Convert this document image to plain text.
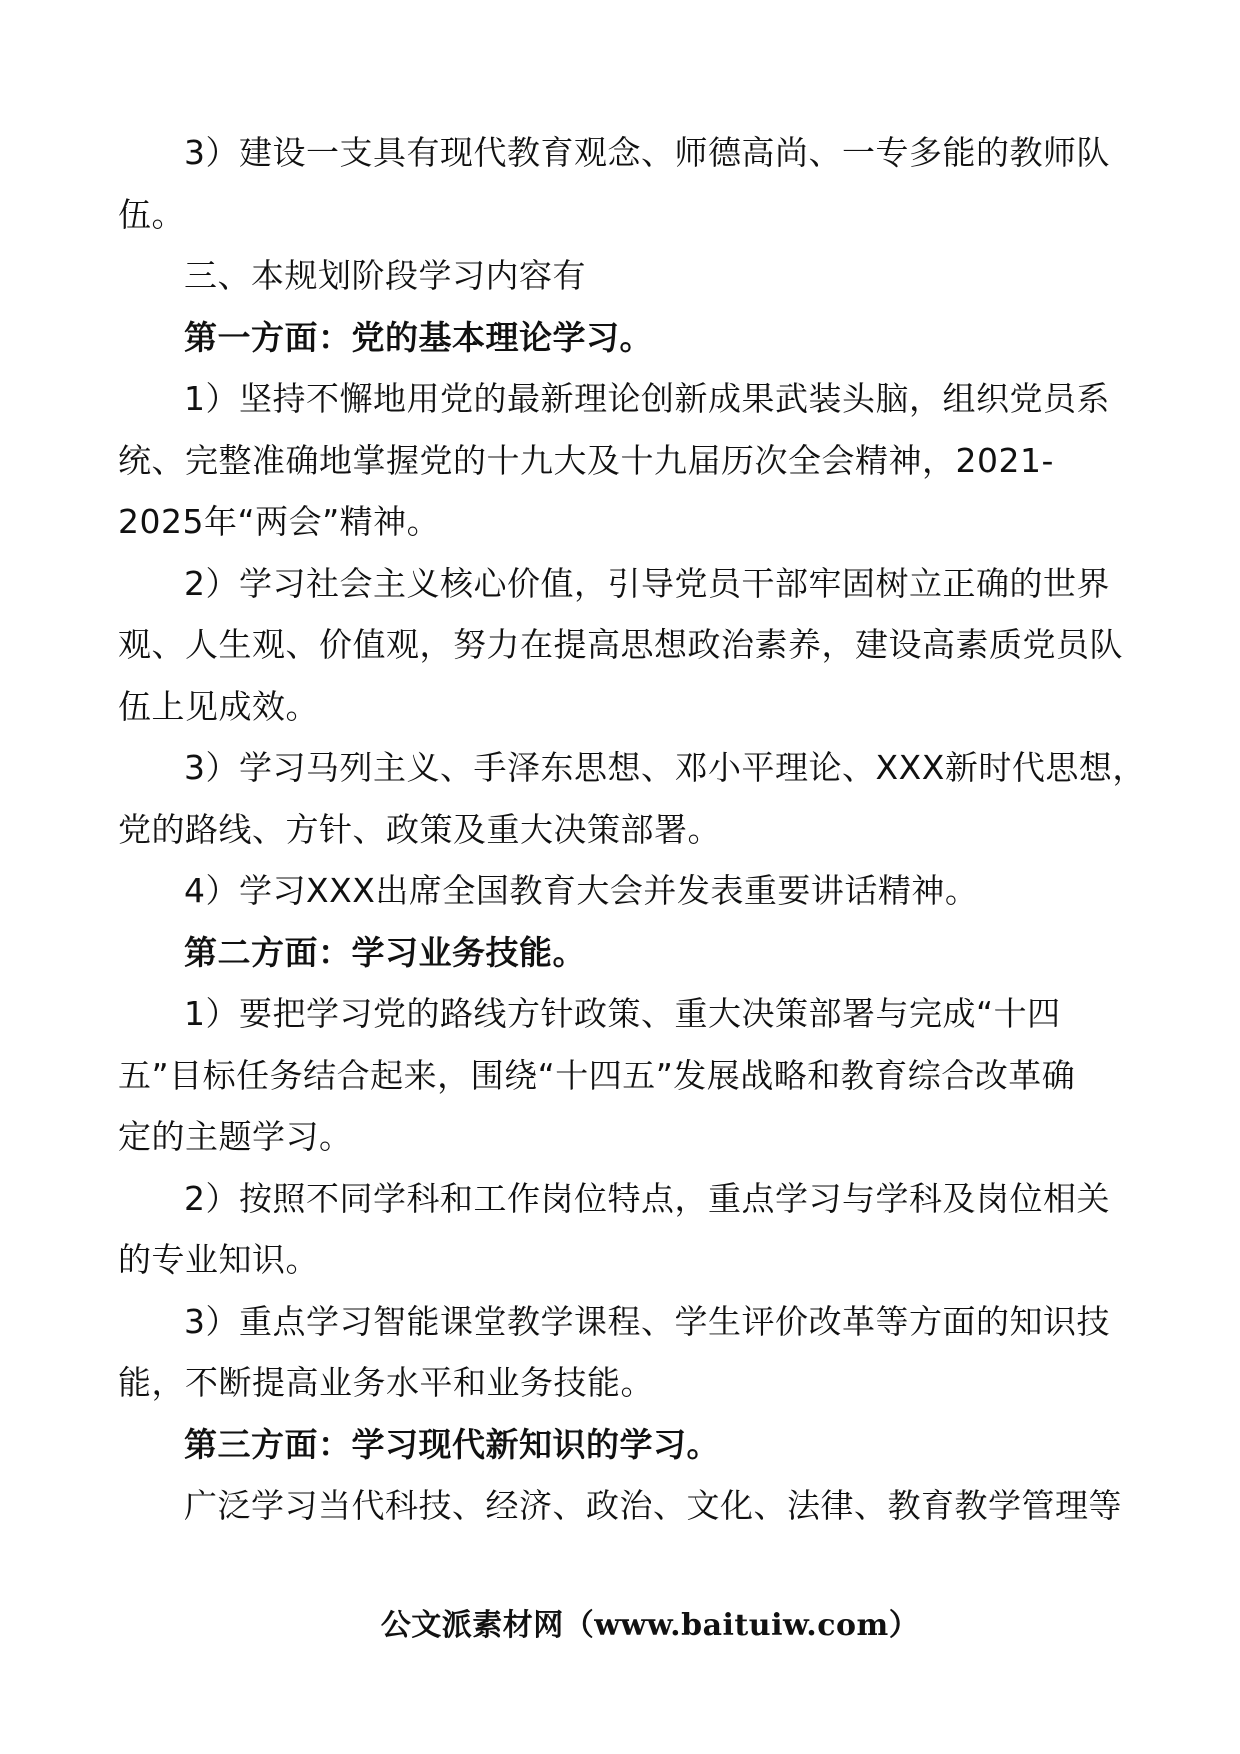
3）建设一支具有现代教育观念、师德高尚、一专多能的教师队
伍。
三、本规划阶段学习内容有
第一方面：党的基本理论学习。
1）坚持不懈地用党的最新理论创新成果武装头脑，组织党员系
统、完整准确地掌握党的十九大及十九届历次全会精神，2021-
2025年“两会”精神。
2）学习社会主义核心价值，引导党员干部牢固树立正确的世界
观、人生观、价值观，努力在提高思想政治素养，建设高素质党员队
伍上见成效。
3）学习马列主义、手泽东思想、邓小平理论、XXX新时代思想，
党的路线、方针、政策及重大决策部署。
4）学习XXX出席全国教育大会并发表重要讲话精神。
第二方面：学习业务技能。
1）要把学习党的路线方针政策、重大决策部署与完成“十四
五”目标任务结合起来，围绕“十四五”发展战略和教育综合改革确
定的主题学习。
2）按照不同学科和工作岗位特点，重点学习与学科及岗位相关
的专业知识。
3）重点学习智能课堂教学课程、学生评价改革等方面的知识技
能，不断提高业务水平和业务技能。
第三方面：学习现代新知识的学习。
广泛学习当代科技、经济、政治、文化、法律、教育教学管理等
公文派素材网（www.baituiw.com）
